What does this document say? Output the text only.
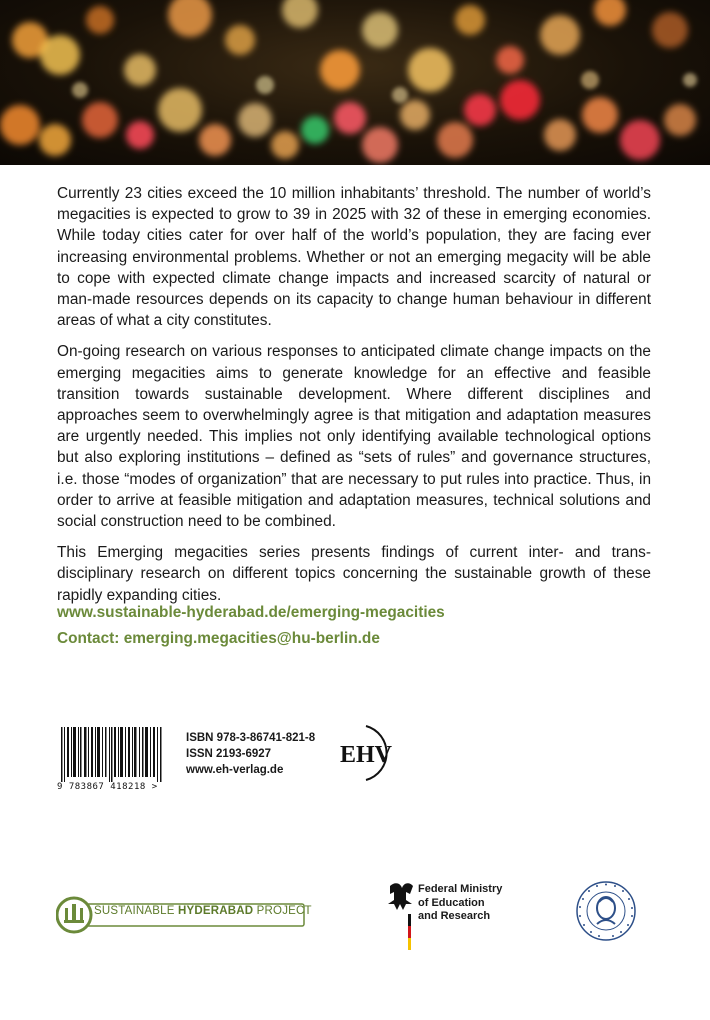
Currently 23 cities exceed the 10 million inhabitants’ threshold. The number of world’s megacities is expected to grow to 39 in 2025 with 32 of these in emerging economies. While today cities cater for over half of the world’s population, they are facing ever increasing environmental problems. Whether or not an emerging megacity will be able to cope with expected climate change impacts and increased scarcity of natural or man-made resources depends on its capacity to change human behaviour in different areas of what a city constitutes.

On-going research on various responses to anticipated climate change impacts on the emerging megacities aims to generate knowledge for an effective and feasible transition towards sustainable development. Where different disciplines and approaches seem to overwhelmingly agree is that mitigation and adaptation measures are urgently needed. This implies not only identifying available technological options but also exploring institutions – defined as “sets of rules” and governance structures, i.e. those “modes of organization” that are necessary to put rules into practice. Thus, in order to arrive at feasible mitigation and adaptation measures, technical solutions and social construction need to be combined.

This Emerging megacities series presents findings of current inter- and trans-disciplinary research on different topics concerning the sustainable growth of these rapidly expanding cities.

www.sustainable-hyderabad.de/emerging-megacities
Contact: emerging.megacities@hu-berlin.de
9 783867 418218 >
ISBN 978-3-86741-821-8
ISSN 2193-6927
www.eh-verlag.de
EHV
SUSTAINABLE HYDERABAD PROJECT
Federal Ministry
of Education
and Research
